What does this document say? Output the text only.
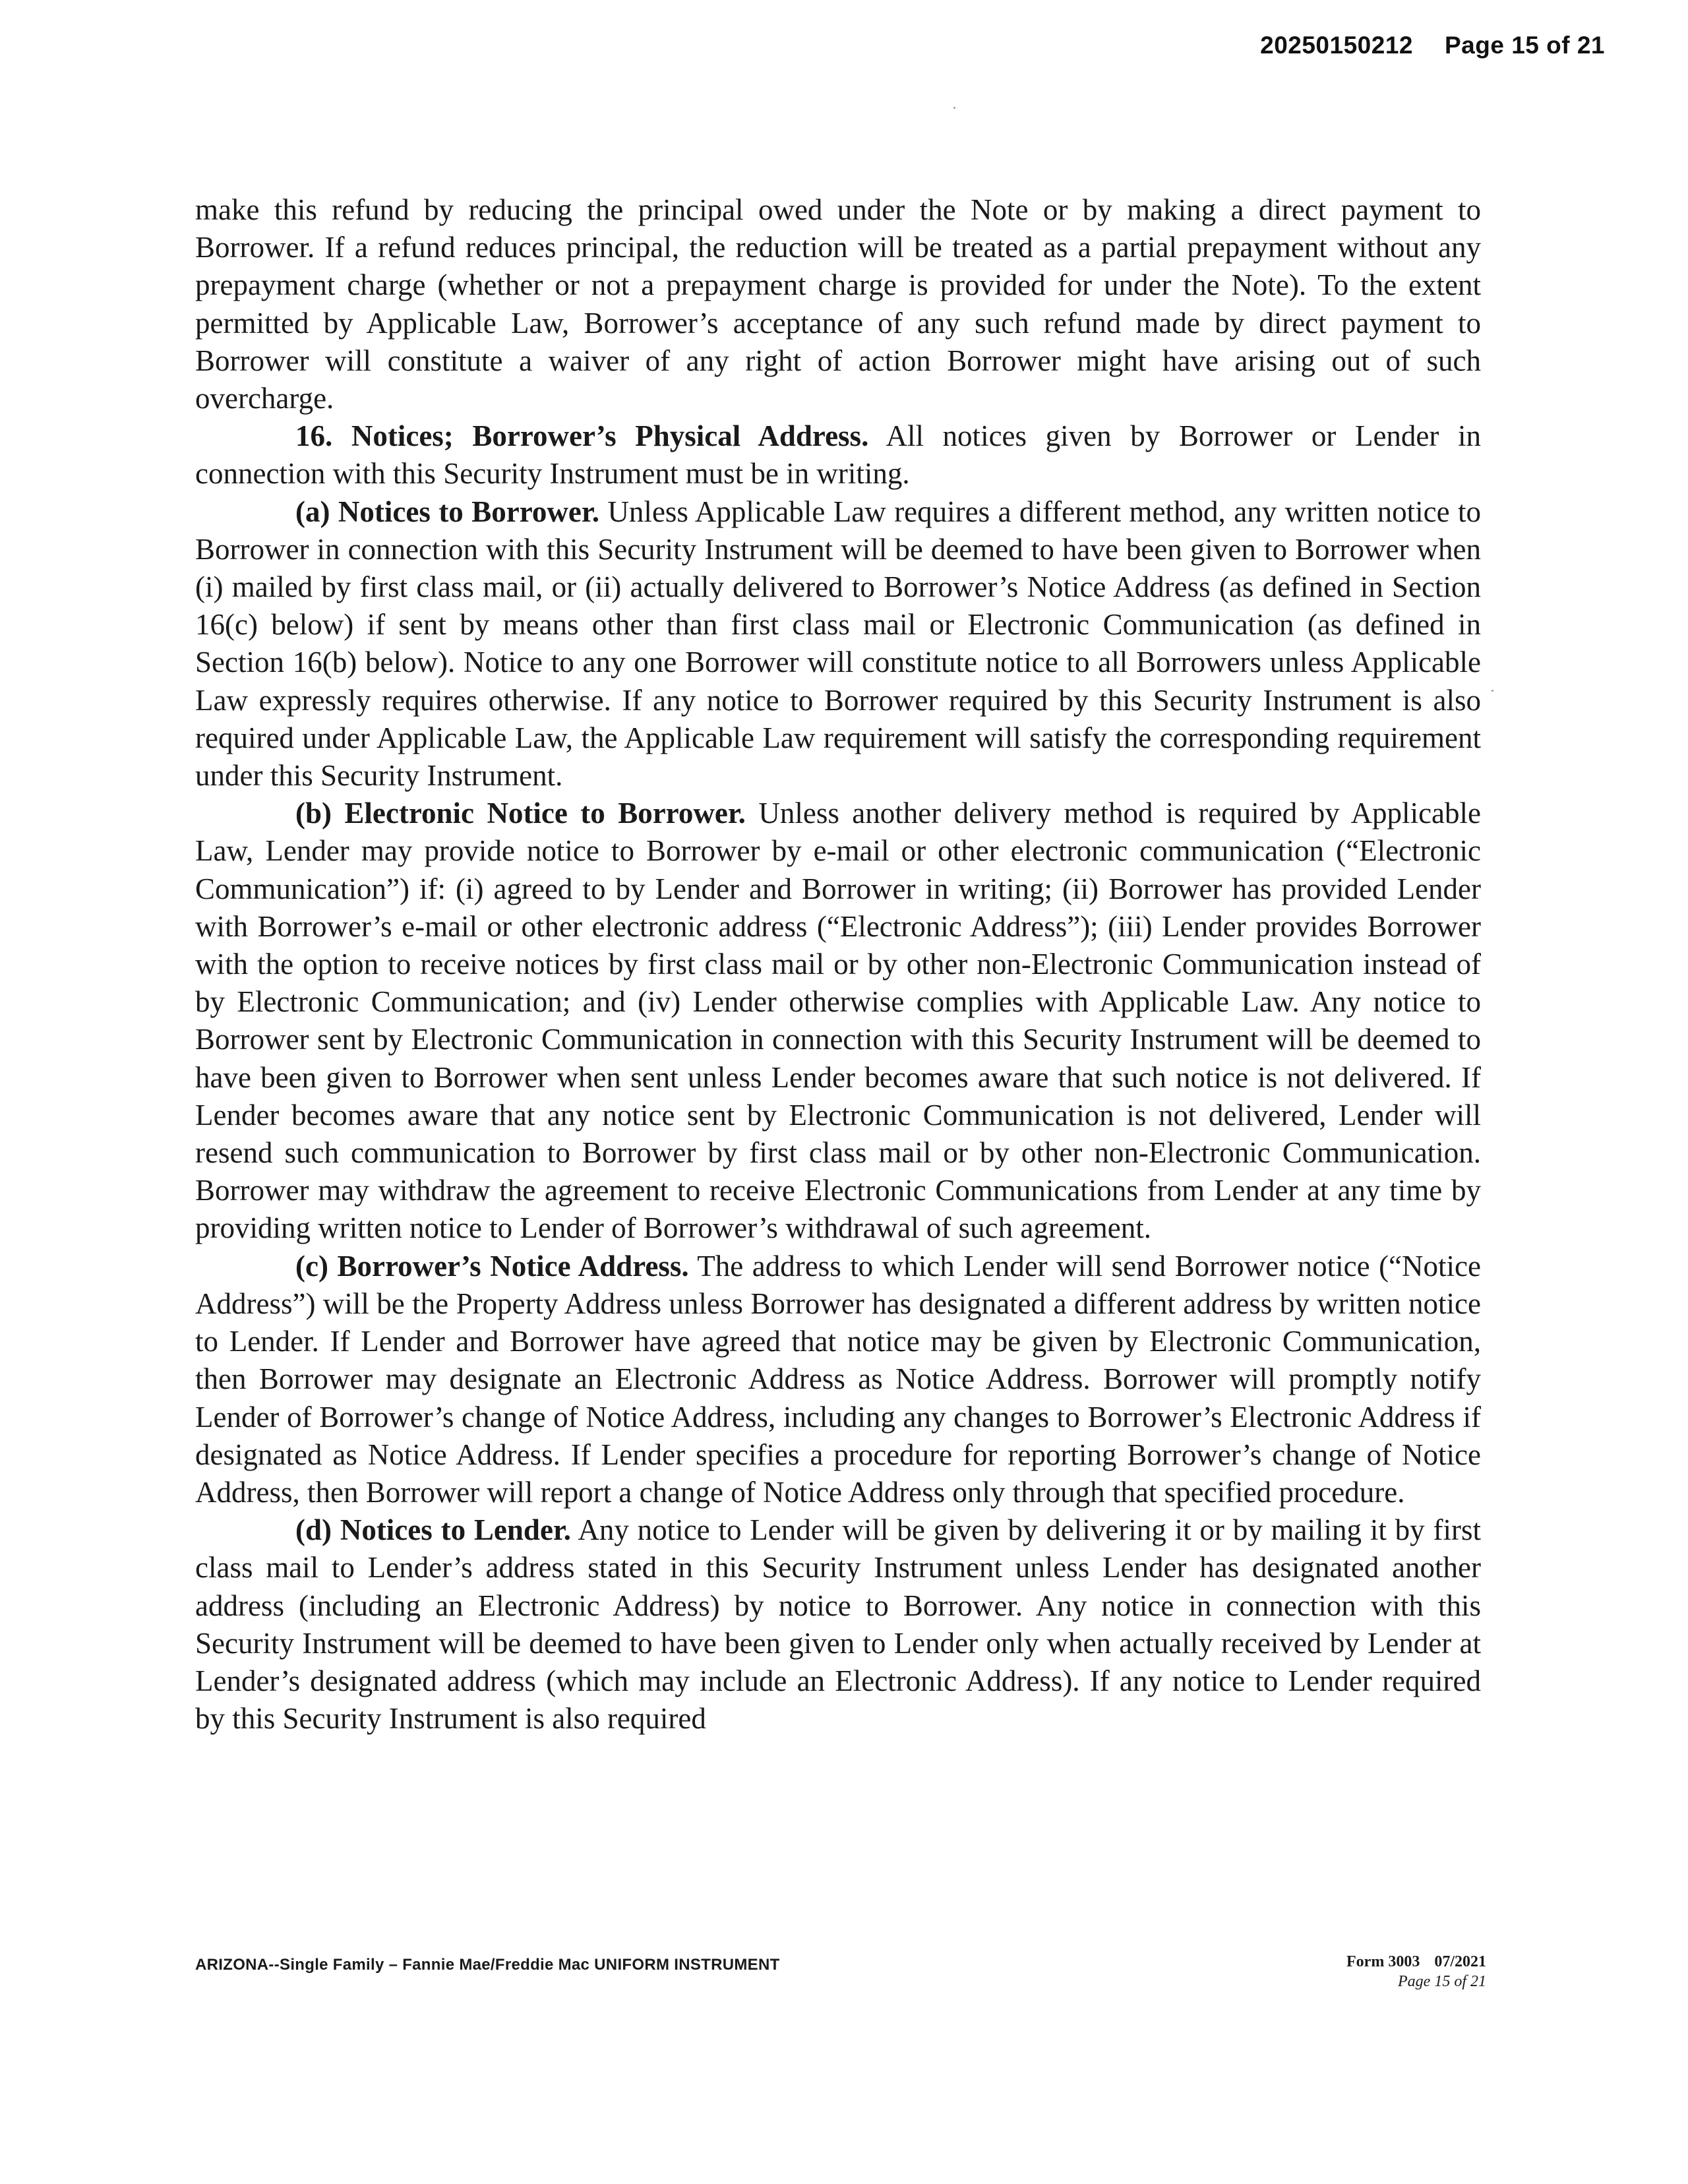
20250150212 Page 15 of 21

make this refund by reducing the principal owed under the Note or by making a direct payment to Borrower. If a refund reduces principal, the reduction will be treated as a partial prepayment without any prepayment charge (whether or not a prepayment charge is provided for under the Note). To the extent permitted by Applicable Law, Borrower’s acceptance of any such refund made by direct payment to Borrower will constitute a waiver of any right of action Borrower might have arising out of such overcharge.

16. Notices; Borrower’s Physical Address. All notices given by Borrower or Lender in connection with this Security Instrument must be in writing.

(a) Notices to Borrower. Unless Applicable Law requires a different method, any written notice to Borrower in connection with this Security Instrument will be deemed to have been given to Borrower when (i) mailed by first class mail, or (ii) actually delivered to Borrower’s Notice Address (as defined in Section 16(c) below) if sent by means other than first class mail or Electronic Communication (as defined in Section 16(b) below). Notice to any one Borrower will constitute notice to all Borrowers unless Applicable Law expressly requires otherwise. If any notice to Borrower required by this Security Instrument is also required under Applicable Law, the Applicable Law requirement will satisfy the corresponding requirement under this Security Instrument.

(b) Electronic Notice to Borrower. Unless another delivery method is required by Applicable Law, Lender may provide notice to Borrower by e-mail or other electronic communication (“Electronic Communication”) if: (i) agreed to by Lender and Borrower in writing; (ii) Borrower has provided Lender with Borrower’s e-mail or other electronic address (“Electronic Address”); (iii) Lender provides Borrower with the option to receive notices by first class mail or by other non-Electronic Communication instead of by Electronic Communication; and (iv) Lender otherwise complies with Applicable Law. Any notice to Borrower sent by Electronic Communication in connection with this Security Instrument will be deemed to have been given to Borrower when sent unless Lender becomes aware that such notice is not delivered. If Lender becomes aware that any notice sent by Electronic Communication is not delivered, Lender will resend such communication to Borrower by first class mail or by other non-Electronic Communication. Borrower may withdraw the agreement to receive Electronic Communications from Lender at any time by providing written notice to Lender of Borrower’s withdrawal of such agreement.

(c) Borrower’s Notice Address. The address to which Lender will send Borrower notice (“Notice Address”) will be the Property Address unless Borrower has designated a different address by written notice to Lender. If Lender and Borrower have agreed that notice may be given by Electronic Communication, then Borrower may designate an Electronic Address as Notice Address. Borrower will promptly notify Lender of Borrower’s change of Notice Address, including any changes to Borrower’s Electronic Address if designated as Notice Address. If Lender specifies a procedure for reporting Borrower’s change of Notice Address, then Borrower will report a change of Notice Address only through that specified procedure.

(d) Notices to Lender. Any notice to Lender will be given by delivering it or by mailing it by first class mail to Lender’s address stated in this Security Instrument unless Lender has designated another address (including an Electronic Address) by notice to Borrower. Any notice in connection with this Security Instrument will be deemed to have been given to Lender only when actually received by Lender at Lender’s designated address (which may include an Electronic Address). If any notice to Lender required by this Security Instrument is also required

ARIZONA--Single Family – Fannie Mae/Freddie Mac UNIFORM INSTRUMENT	Form 3003 07/2021
Page 15 of 21
